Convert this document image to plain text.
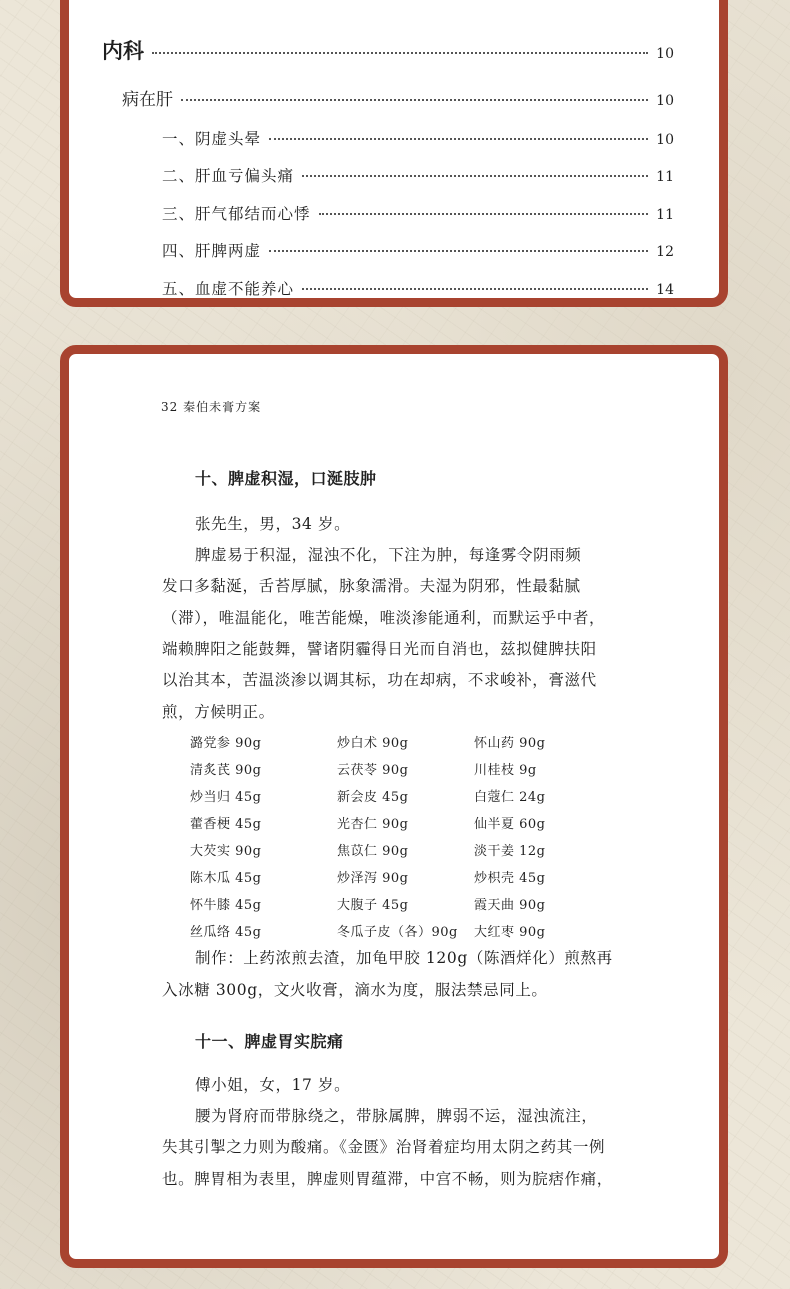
内科	10
病在肝	10
一、阴虚头晕	10
二、肝血亏偏头痛	11
三、肝气郁结而心悸	11
四、肝脾两虚	12
五、血虚不能养心	14
32 秦伯未膏方案
十、脾虚积湿，口涎肢肿
张先生，男，34 岁。
脾虚易于积湿，湿浊不化，下注为肿，每逢雾令阴雨频
发口多黏涎，舌苔厚腻，脉象濡滑。夫湿为阴邪，性最黏腻
（滞），唯温能化，唯苦能燥，唯淡渗能通利，而默运乎中者，
端赖脾阳之能鼓舞，譬诸阴霾得日光而自消也，兹拟健脾扶阳
以治其本，苦温淡渗以调其标，功在却病，不求峻补，膏滋代
煎，方候明正。
潞党参 90g	炒白术 90g	怀山药 90g
清炙芪 90g	云茯苓 90g	川桂枝 9g
炒当归 45g	新会皮 45g	白蔻仁 24g
藿香梗 45g	光杏仁 90g	仙半夏 60g
大芡实 90g	焦苡仁 90g	淡干姜 12g
陈木瓜 45g	炒泽泻 90g	炒枳壳 45g
怀牛膝 45g	大腹子 45g	霞天曲 90g
丝瓜络 45g	冬瓜子皮（各）90g 大红枣 90g
制作：上药浓煎去渣，加龟甲胶 120g（陈酒烊化）煎熬再
入冰糖 300g，文火收膏，滴水为度，服法禁忌同上。
十一、脾虚胃实脘痛
傅小姐，女，17 岁。
腰为肾府而带脉绕之，带脉属脾，脾弱不运，湿浊流注，
失其引掣之力则为酸痛。《金匮》治肾着症均用太阴之药其一例
也。脾胃相为表里，脾虚则胃蕴滞，中宫不畅，则为脘痞作痛，
